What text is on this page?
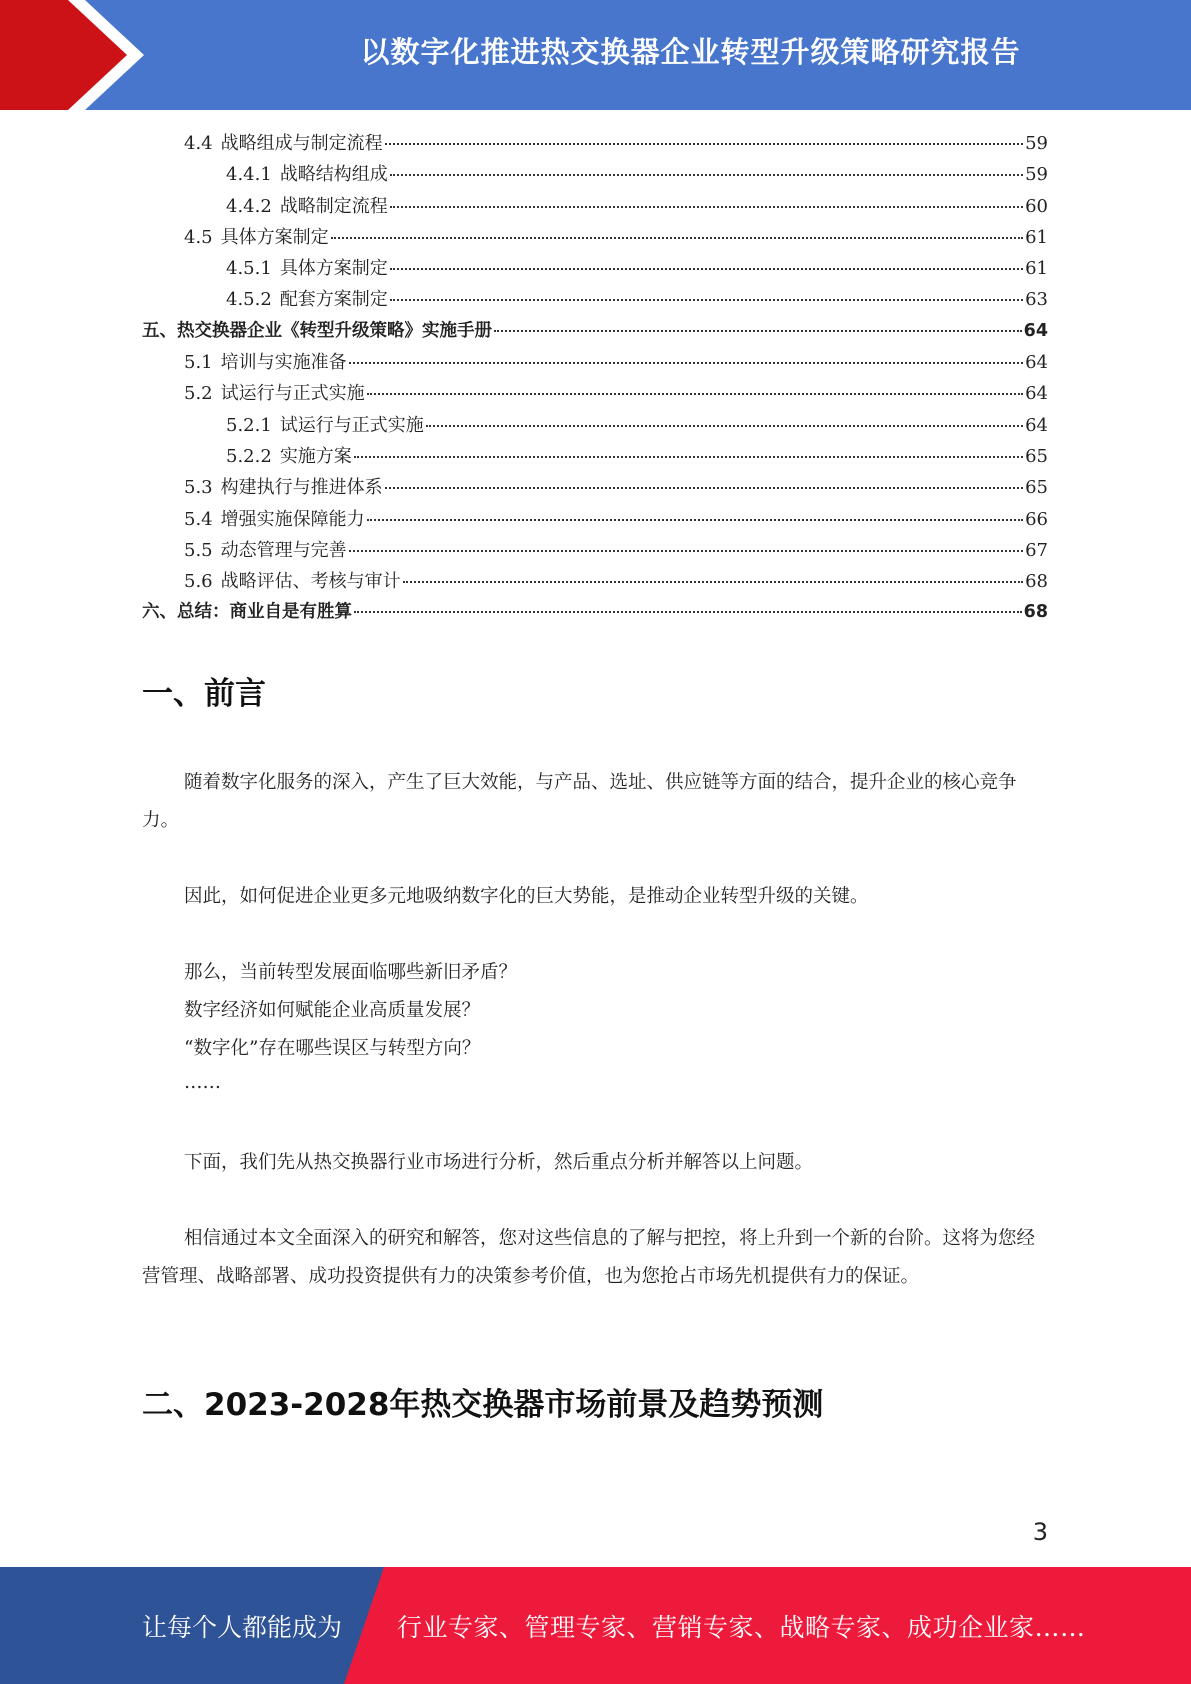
以数字化推进热交换器企业转型升级策略研究报告
4.4 战略组成与制定流程	59
4.4.1 战略结构组成	59
4.4.2 战略制定流程	60
4.5 具体方案制定	61
4.5.1 具体方案制定	61
4.5.2 配套方案制定	63
五、热交换器企业《转型升级策略》实施手册	64
5.1 培训与实施准备	64
5.2 试运行与正式实施	64
5.2.1 试运行与正式实施	64
5.2.2 实施方案	65
5.3 构建执行与推进体系	65
5.4 增强实施保障能力	66
5.5 动态管理与完善	67
5.6 战略评估、考核与审计	68
六、总结：商业自是有胜算	68
一、前言

随着数字化服务的深入，产生了巨大效能，与产品、选址、供应链等方面的结合，提升企业的核心竞争力。

因此，如何促进企业更多元地吸纳数字化的巨大势能，是推动企业转型升级的关键。

那么，当前转型发展面临哪些新旧矛盾？
数字经济如何赋能企业高质量发展？
“数字化”存在哪些误区与转型方向？
……

下面，我们先从热交换器行业市场进行分析，然后重点分析并解答以上问题。

相信通过本文全面深入的研究和解答，您对这些信息的了解与把控，将上升到一个新的台阶。这将为您经营管理、战略部署、成功投资提供有力的决策参考价值，也为您抢占市场先机提供有力的保证。

二、2023-2028年热交换器市场前景及趋势预测
3
让每个人都能成为 行业专家、管理专家、营销专家、战略专家、成功企业家……
